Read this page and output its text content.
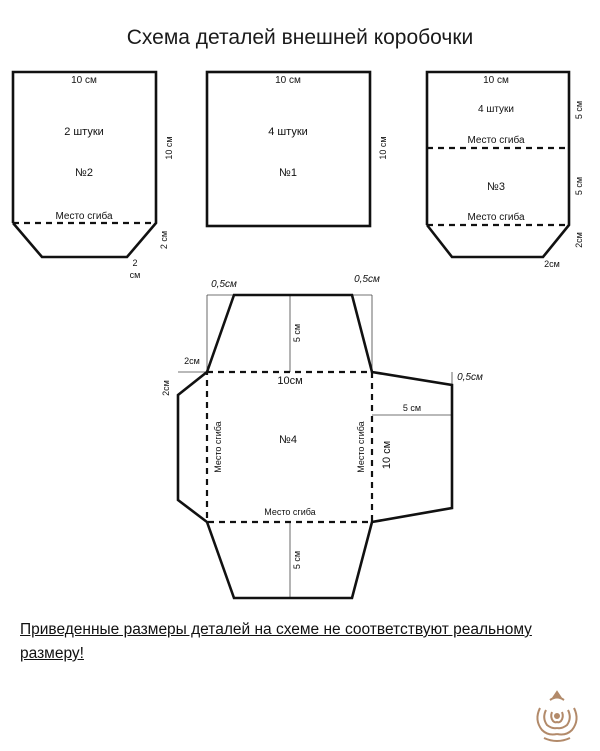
Схема деталей внешней коробочки
10 см
2 штуки
№2
Место сгиба
10 см
2 см
2
см
10 см
4 штуки
№1
10 см
10 см
4 штуки
Место сгиба
№3
Место сгиба
5 см
5 см
2см
2см
0,5см	0,5см
5 см
2см
2см	10см	0,5см
5 см
Место сгиба	№4	Место сгиба 10 см
Место сгиба
5 см
Приведенные размеры деталей на схеме не соответствуют реальному размеру!
